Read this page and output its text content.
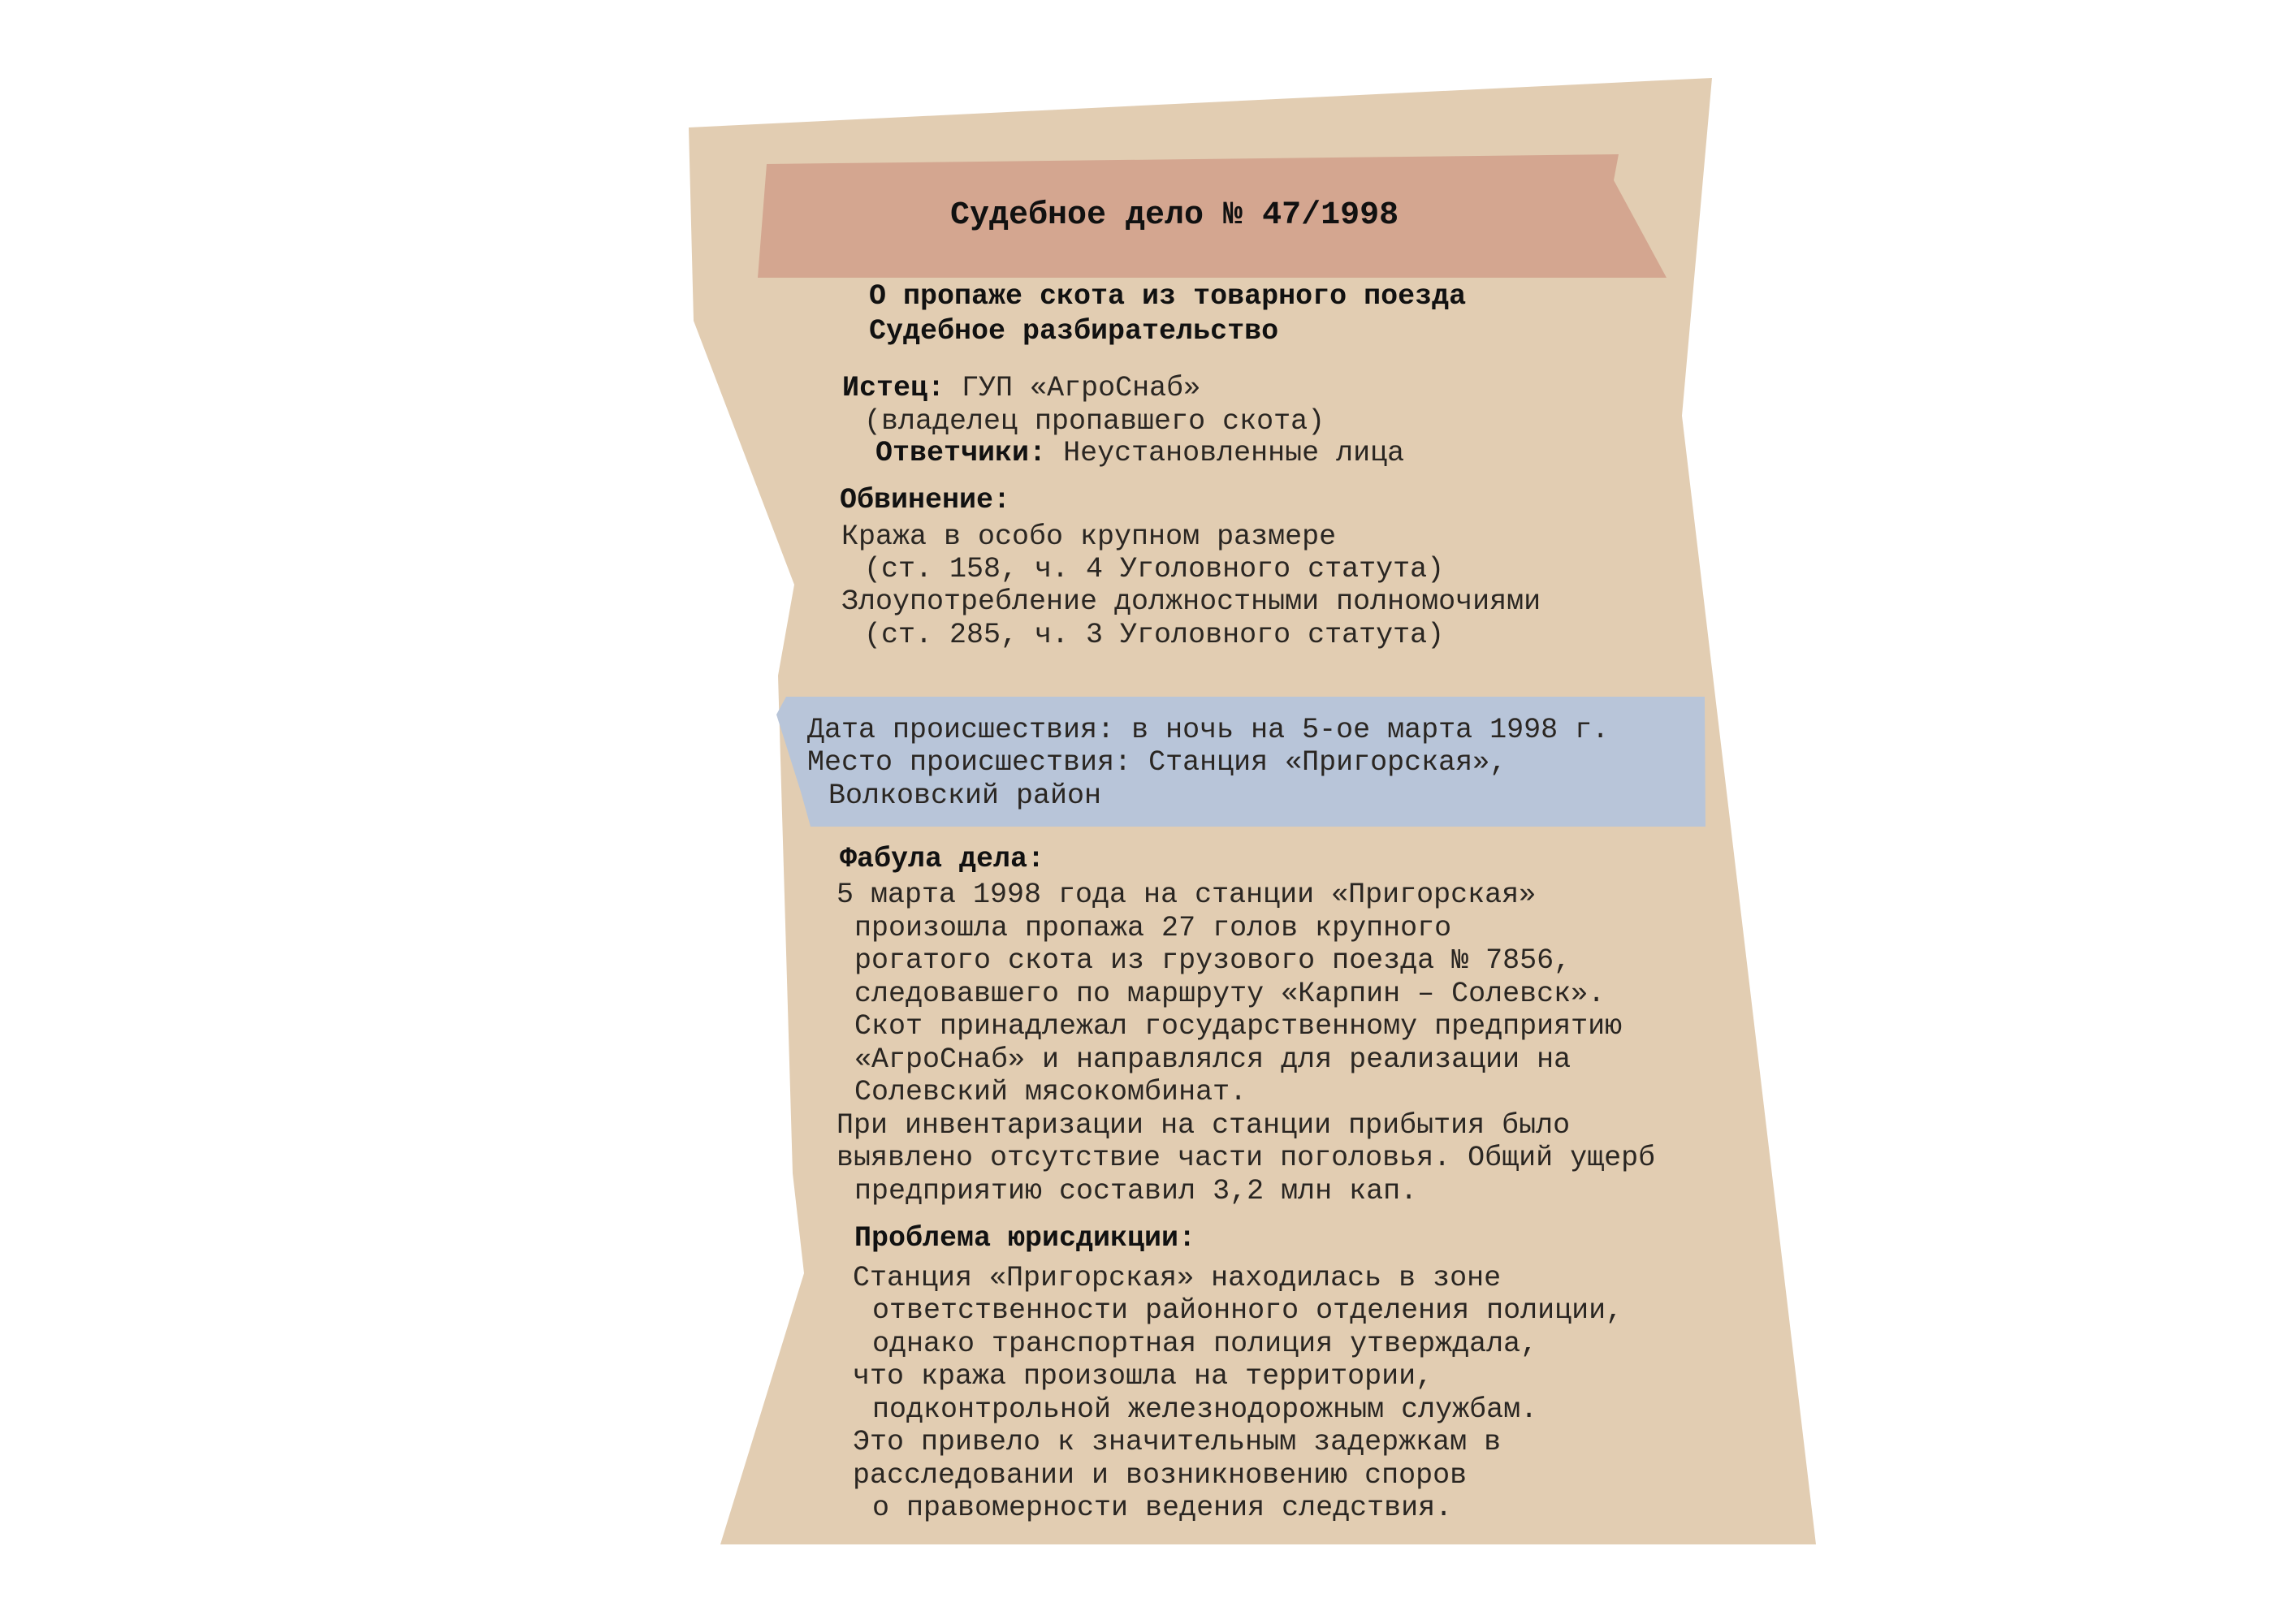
Судебное дело № 47/1998
О пропаже скота из товарного поезда
Судебное разбирательство
Истец: ГУП «АгроСнаб»
(владелец пропавшего скота)
Ответчики: Неустановленные лица
Обвинение:
Кража в особо крупном размере
(ст. 158, ч. 4 Уголовного статута)
Злоупотребление должностными полномочиями
(ст. 285, ч. 3 Уголовного статута)
Дата происшествия: в ночь на 5-ое марта 1998 г.
Место происшествия: Станция «Пригорская»,
Волковский район
Фабула дела:
5 марта 1998 года на станции «Пригорская»
произошла пропажа 27 голов крупного
рогатого скота из грузового поезда № 7856,
следовавшего по маршруту «Карпин – Солевск».
Скот принадлежал государственному предприятию
«АгроСнаб» и направлялся для реализации на
Солевский мясокомбинат.
При инвентаризации на станции прибытия было
выявлено отсутствие части поголовья. Общий ущерб
предприятию составил 3,2 млн кап.
Проблема юрисдикции:
Станция «Пригорская» находилась в зоне
ответственности районного отделения полиции,
однако транспортная полиция утверждала,
что кража произошла на территории,
подконтрольной железнодорожным службам.
Это привело к значительным задержкам в
расследовании и возникновению споров
о правомерности ведения следствия.
